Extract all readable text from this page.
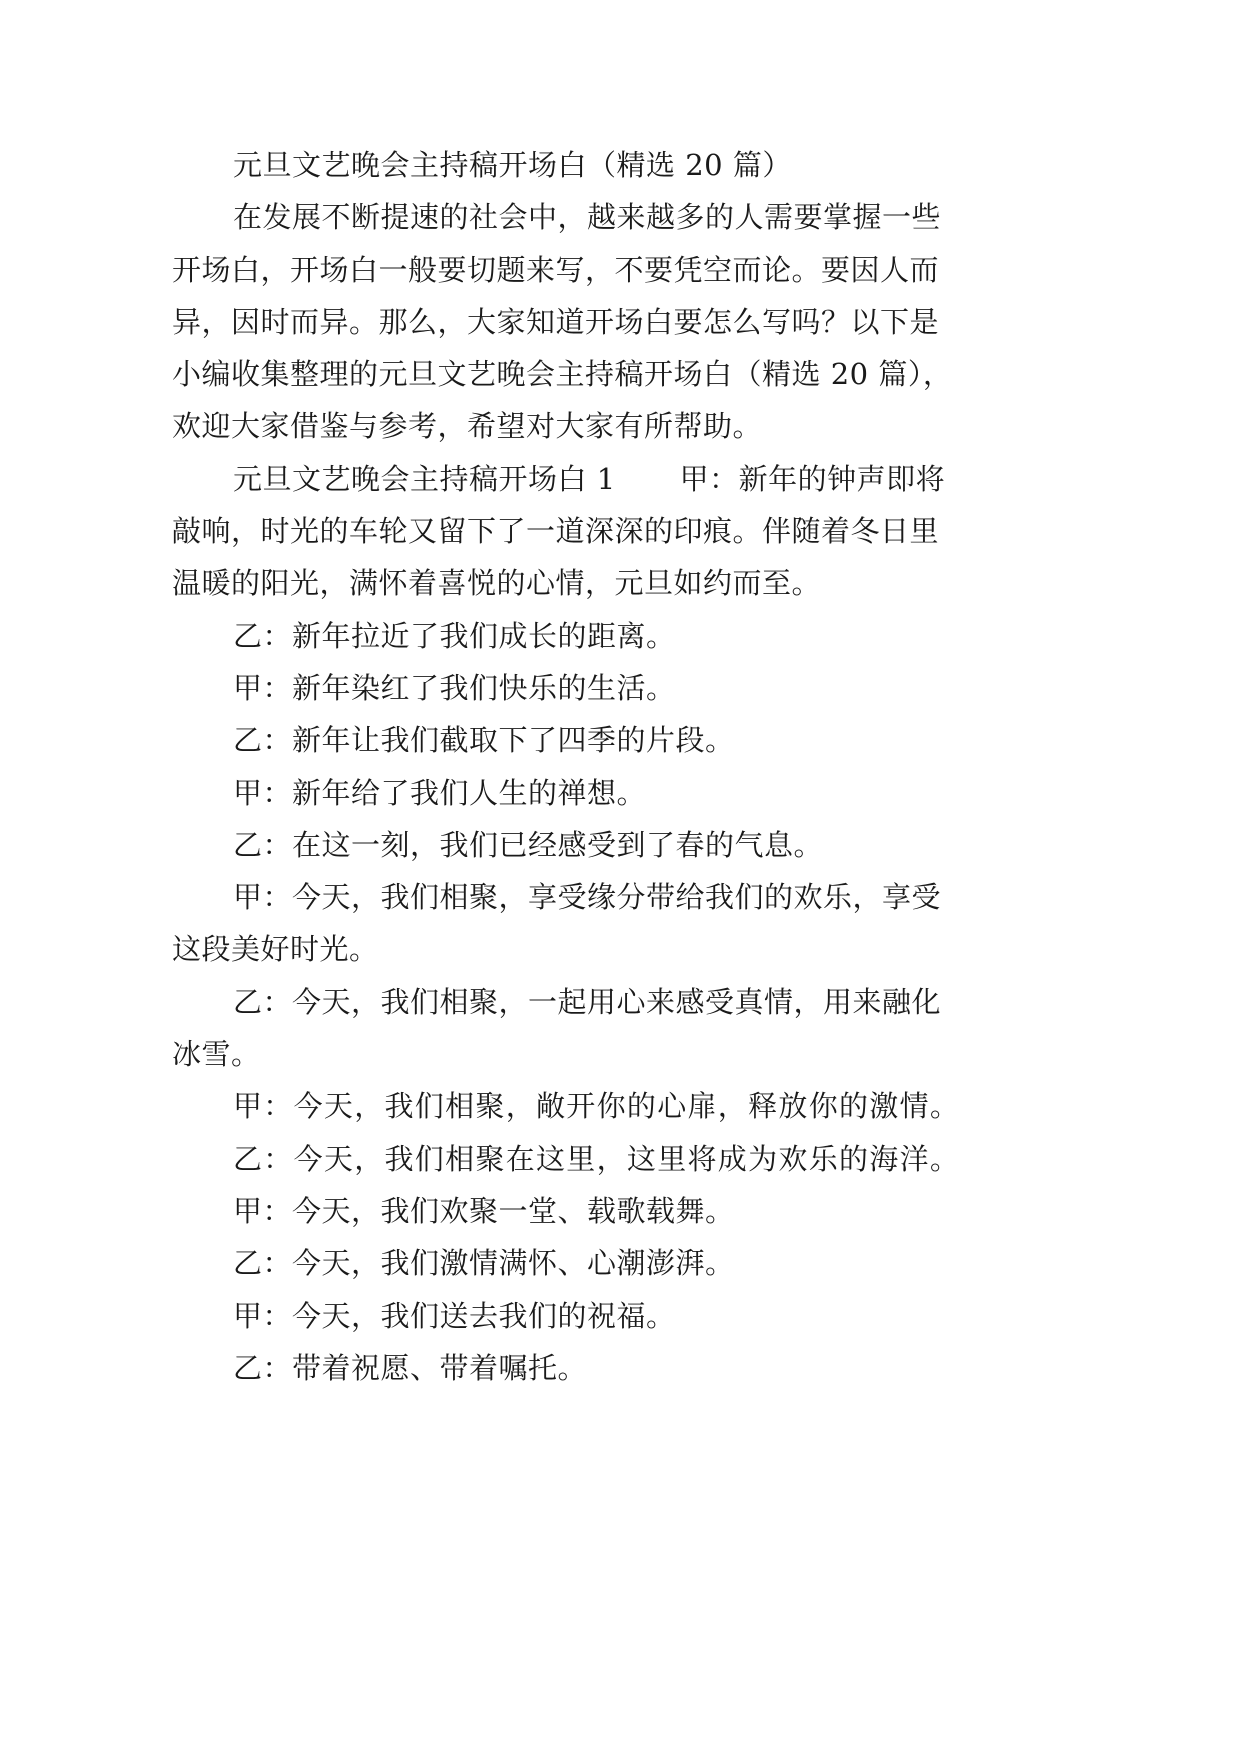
元旦文艺晚会主持稿开场白（精选 20 篇）
在发展不断提速的社会中，越来越多的人需要掌握一些
开场白，开场白一般要切题来写，不要凭空而论。要因人而
异，因时而异。那么，大家知道开场白要怎么写吗？以下是
小编收集整理的元旦文艺晚会主持稿开场白（精选 20 篇），
欢迎大家借鉴与参考，希望对大家有所帮助。
元旦文艺晚会主持稿开场白 1 甲：新年的钟声即将
敲响，时光的车轮又留下了一道深深的印痕。伴随着冬日里
温暖的阳光，满怀着喜悦的心情，元旦如约而至。
乙：新年拉近了我们成长的距离。
甲：新年染红了我们快乐的生活。
乙：新年让我们截取下了四季的片段。
甲：新年给了我们人生的禅想。
乙：在这一刻，我们已经感受到了春的气息。
甲：今天，我们相聚，享受缘分带给我们的欢乐，享受
这段美好时光。
乙：今天，我们相聚，一起用心来感受真情，用来融化
冰雪。
甲：今天，我们相聚，敞开你的心扉，释放你的激情。
乙：今天，我们相聚在这里，这里将成为欢乐的海洋。
甲：今天，我们欢聚一堂、载歌载舞。
乙：今天，我们激情满怀、心潮澎湃。
甲：今天，我们送去我们的祝福。
乙：带着祝愿、带着嘱托。
